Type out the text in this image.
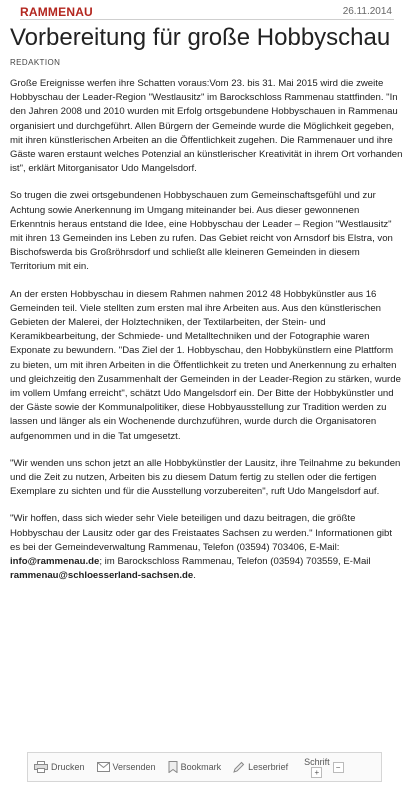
RAMMENAU	26.11.2014
Vorbereitung für große Hobbyschau
REDAKTION

Große Ereignisse werfen ihre Schatten voraus:Vom 23. bis 31. Mai 2015 wird die zweite Hobbyschau der Leader-Region "Westlausitz" im Barockschloss Rammenau stattfinden. "In den Jahren 2008 und 2010 wurden mit Erfolg ortsgebundene Hobbyschauen in Rammenau organisiert und durchgeführt. Allen Bürgern der Gemeinde wurde die Möglichkeit gegeben, mit ihren künstlerischen Arbeiten an die Öffentlichkeit zugehen. Die Rammenauer und ihre Gäste waren erstaunt welches Potenzial an künstlerischer Kreativität in ihrem Ort vorhanden ist", erklärt Mitorganisator Udo Mangelsdorf.

So trugen die zwei ortsgebundenen Hobbyschauen zum Gemeinschaftsgefühl und zur Achtung sowie Anerkennung im Umgang miteinander bei. Aus dieser gewonnenen Erkenntnis heraus entstand die Idee, eine Hobbyschau der Leader – Region "Westlausitz" mit ihren 13 Gemeinden ins Leben zu rufen. Das Gebiet reicht von Arnsdorf bis Elstra, von Bischofswerda bis Großröhrsdorf und schließt alle kleineren Gemeinden in diesem Territorium mit ein.

An der ersten Hobbyschau in diesem Rahmen nahmen 2012 48 Hobbykünstler aus 16 Gemeinden teil. Viele stellten zum ersten mal ihre Arbeiten aus. Aus den künstlerischen Gebieten der Malerei, der Holztechniken, der Textilarbeiten, der Stein- und Keramikbearbeitung, der Schmiede- und Metalltechniken und der Fotographie waren Exponate zu bewundern. "Das Ziel der 1. Hobbyschau, den Hobbykünstlern eine Plattform zu bieten, um mit ihren Arbeiten in die Öffentlichkeit zu treten und Anerkennung zu erhalten und gleichzeitig den Zusammenhalt der Gemeinden in der Leader-Region zu stärken, wurde im vollem Umfang erreicht", schätzt Udo Mangelsdorf ein. Der Bitte der Hobbykünstler und der Gäste sowie der Kommunalpolitiker, diese Hobbyausstellung zur Tradition werden zu lassen und länger als ein Wochenende durchzuführen, wurde durch die Organisatoren aufgenommen und in die Tat umgesetzt.

"Wir wenden uns schon jetzt an alle Hobbykünstler der Lausitz, ihre Teilnahme zu bekunden und die Zeit zu nutzen, Arbeiten bis zu diesem Datum fertig zu stellen oder die fertigen Exemplare zu sichten und für die Ausstellung vorzubereiten", ruft Udo Mangelsdorf auf.

"Wir hoffen, dass sich wieder sehr Viele beteiligen und dazu beitragen, die größte Hobbyschau der Lausitz oder gar des Freistaates Sachsen zu werden." Informationen gibt es bei der Gemeindeverwaltung Rammenau, Telefon (03594) 703406, E-Mail: info@rammenau.de; im Barockschloss Rammenau, Telefon (03594) 703559, E-Mail rammenau@schloesserland-sachsen.de.

Drucken	Versenden	Bookmark	Leserbrief
Schrift
+
−
